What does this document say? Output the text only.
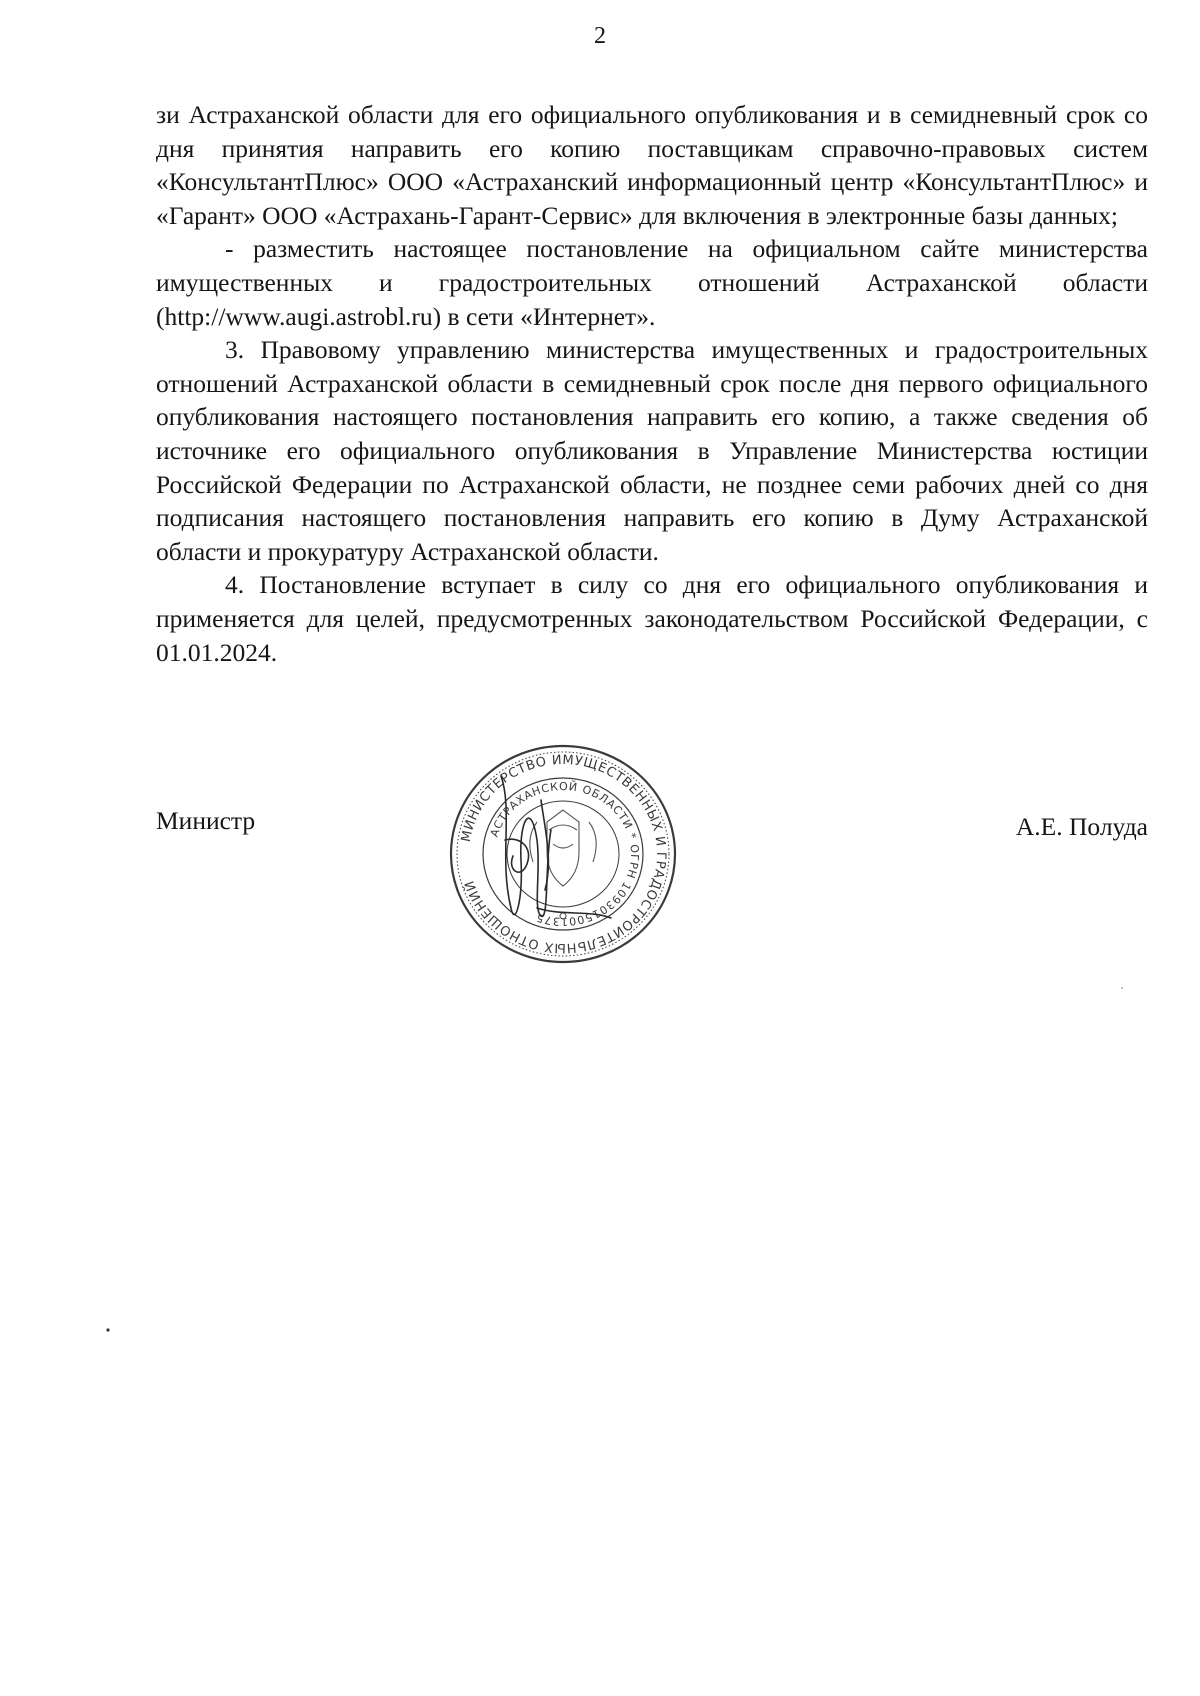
2

зи Астраханской области для его официального опубликования и в семидневный срок со дня принятия направить его копию поставщикам справочно-правовых систем «КонсультантПлюс» ООО «Астраханский информационный центр «КонсультантПлюс» и «Гарант» ООО «Астрахань-Гарант-Сервис» для включения в электронные базы данных;

- разместить настоящее постановление на официальном сайте министерства имущественных и градостроительных отношений Астраханской области (http://www.augi.astrobl.ru) в сети «Интернет».

3. Правовому управлению министерства имущественных и градостроительных отношений Астраханской области в семидневный срок после дня первого официального опубликования настоящего постановления направить его копию, а также сведения об источнике его официального опубликования в Управление Министерства юстиции Российской Федерации по Астраханской области, не позднее семи рабочих дней со дня подписания настоящего постановления направить его копию в Думу Астраханской области и прокуратуру Астраханской области.

4. Постановление вступает в силу со дня его официального опубликования и применяется для целей, предусмотренных законодательством Российской Федерации, с 01.01.2024.

Министр
МИНИСТЕРСТВО ИМУЩЕСТВЕННЫХ И ГРАДОСТРОИТЕЛЬНЫХ ОТНОШЕНИЙ
АСТРАХАНСКОЙ ОБЛАСТИ * ОГРН 1093015001375
А.Е. Полуда
